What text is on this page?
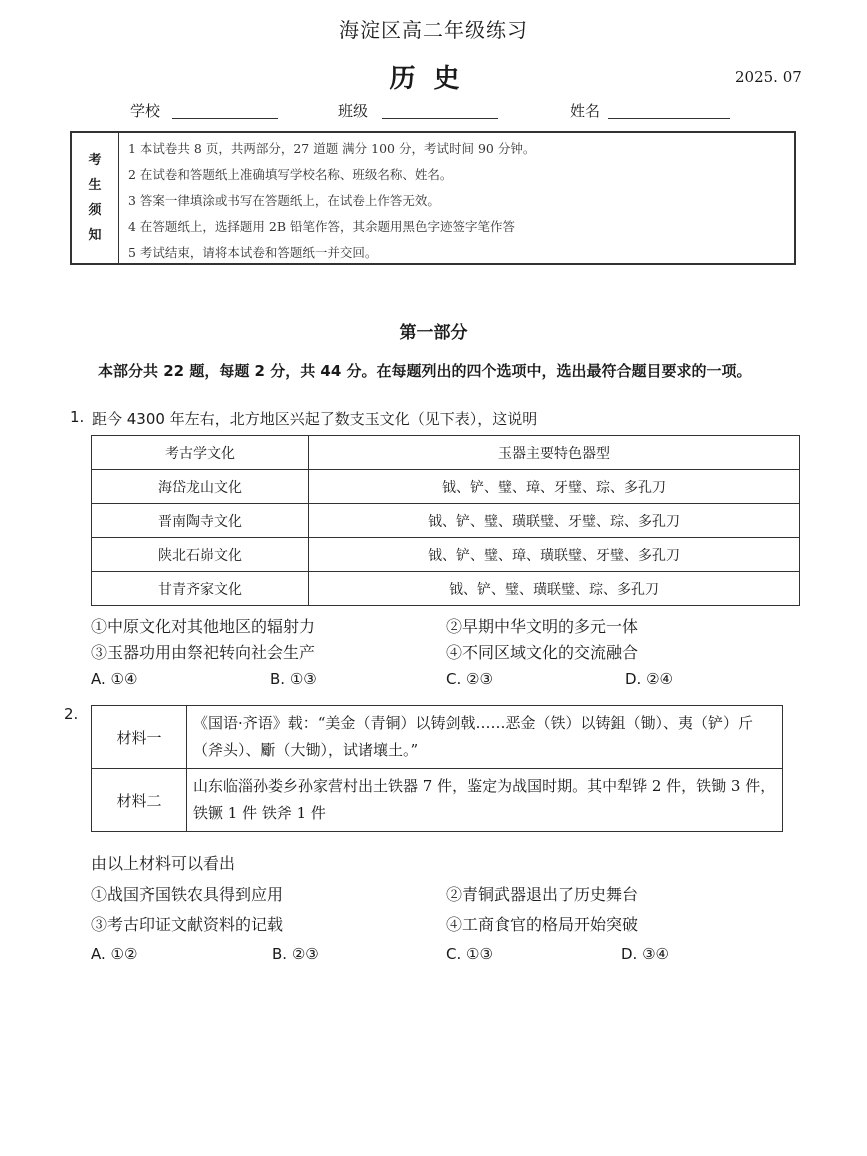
海淀区高二年级练习
历史	2025. 07
学校	班级	姓名
考
生
须
知
1 本试卷共 8 页，共两部分，27 道题 满分 100 分，考试时间 90 分钟。
2 在试卷和答题纸上准确填写学校名称、班级名称、姓名。
3 答案一律填涂或书写在答题纸上，在试卷上作答无效。
4 在答题纸上，选择题用 2B 铅笔作答，其余题用黑色字迹签字笔作答
5 考试结束，请将本试卷和答题纸一并交回。
第一部分
本部分共 22 题，每题 2 分，共 44 分。在每题列出的四个选项中，选出最符合题目要求的一项。
1. 距今 4300 年左右，北方地区兴起了数支玉文化（见下表），这说明
考古学文化	玉器主要特色器型
海岱龙山文化	钺、铲、璧、璋、牙璧、琮、多孔刀
晋南陶寺文化	钺、铲、璧、璜联璧、牙璧、琮、多孔刀
陕北石峁文化	钺、铲、璧、璋、璜联璧、牙璧、多孔刀
甘青齐家文化	钺、铲、璧、璜联璧、琮、多孔刀
①中原文化对其他地区的辐射力	②早期中华文明的多元一体
③玉器功用由祭祀转向社会生产	④不同区域文化的交流融合
A. ①④	B. ①③	C. ②③	D. ②④
2.
材料一	《国语·齐语》载：“美金（青铜）以铸剑戟……恶金（铁）以铸鉏（锄）、夷（铲）斤（斧头）、斸（大锄），试诸壤土。”
材料二	山东临淄孙娄乡孙家营村出土铁器 7 件，鉴定为战国时期。其中犁铧 2 件，铁锄 3 件，铁镢 1 件 铁斧 1 件
由以上材料可以看出
①战国齐国铁农具得到应用	②青铜武器退出了历史舞台
③考古印证文献资料的记载	④工商食官的格局开始突破
A. ①②	B. ②③	C. ①③	D. ③④
